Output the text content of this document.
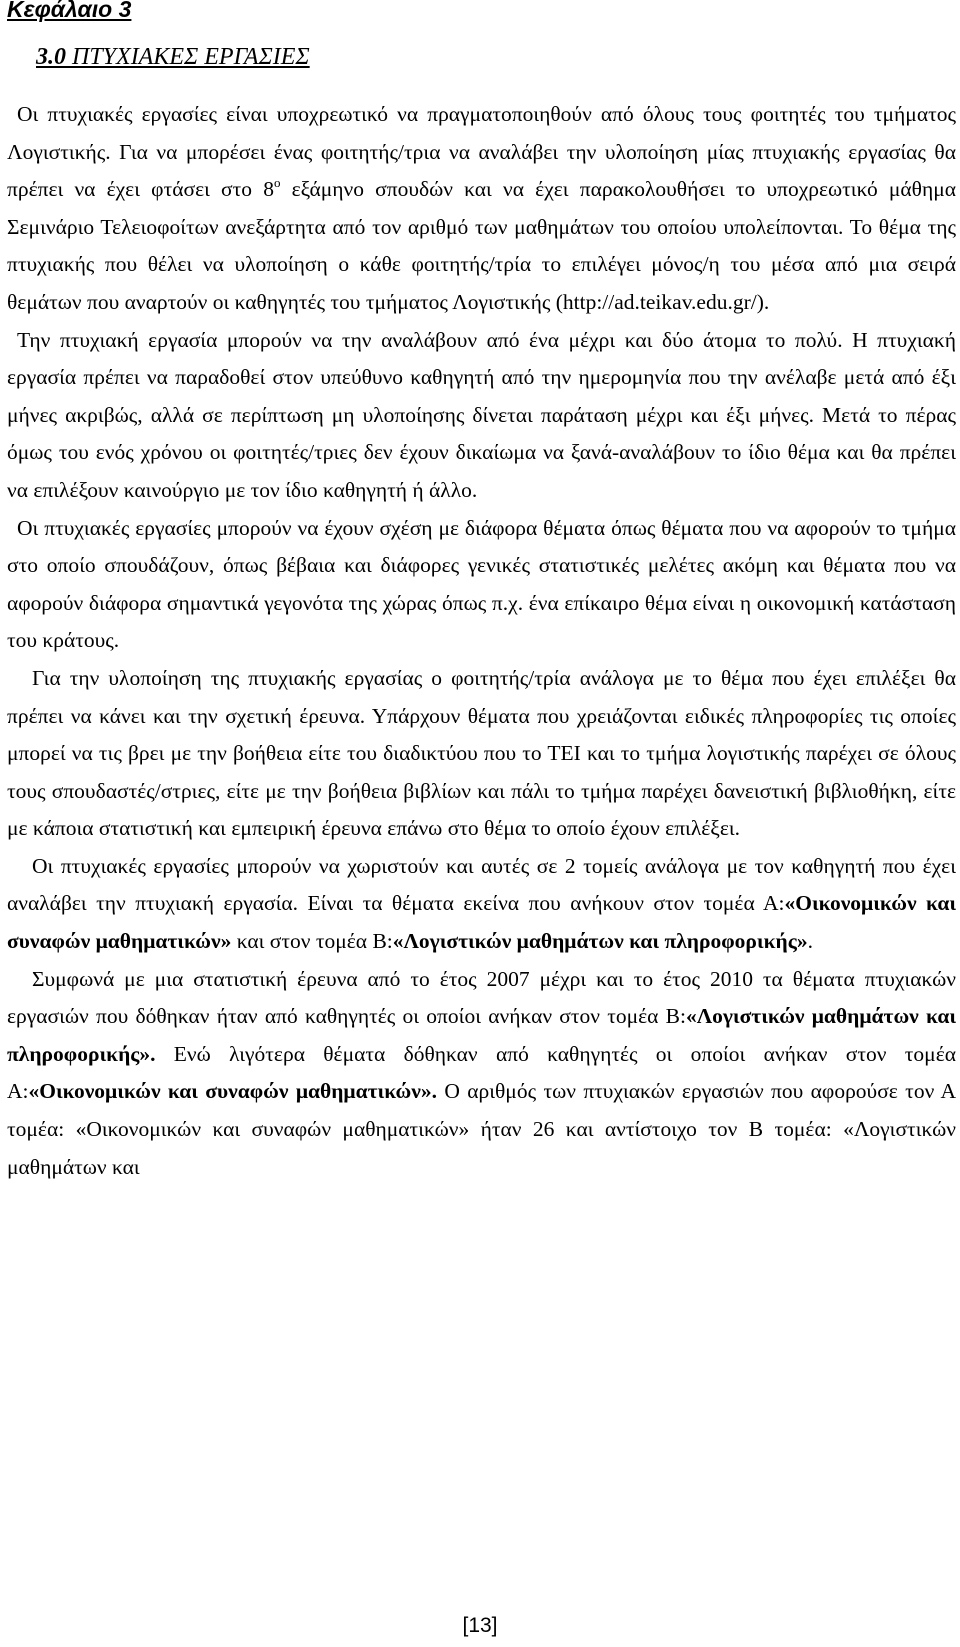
Κεφάλαιο 3

3.0 ΠΤΥΧΙΑΚΕΣ ΕΡΓΑΣΙΕΣ

Οι πτυχιακές εργασίες είναι υποχρεωτικό να πραγματοποιηθούν από όλους τους φοιτητές του τμήματος Λογιστικής. Για να μπορέσει ένας φοιτητής/τρια να αναλάβει την υλοποίηση μίας πτυχιακής εργασίας θα πρέπει να έχει φτάσει στο $8^o$ εξάμηνο σπουδών και να έχει παρακολουθήσει το υποχρεωτικό μάθημα Σεμινάριο Τελειοφοίτων ανεξάρτητα από τον αριθμό των μαθημάτων του οποίου υπολείπονται. Το θέμα της πτυχιακής που θέλει να υλοποίηση ο κάθε φοιτητής/τρία το επιλέγει μόνος/η του μέσα από μια σειρά θεμάτων που αναρτούν οι καθηγητές του τμήματος Λογιστικής (http://ad.teikav.edu.gr/).

Την πτυχιακή εργασία μπορούν να την αναλάβουν από ένα μέχρι και δύο άτομα το πολύ. Η πτυχιακή εργασία πρέπει να παραδοθεί στον υπεύθυνο καθηγητή από την ημερομηνία που την ανέλαβε μετά από έξι μήνες ακριβώς, αλλά σε περίπτωση μη υλοποίησης δίνεται παράταση μέχρι και έξι μήνες. Μετά το πέρας όμως του ενός χρόνου οι φοιτητές/τριες δεν έχουν δικαίωμα να ξανά-αναλάβουν το ίδιο θέμα και θα πρέπει να επιλέξουν καινούργιο με τον ίδιο καθηγητή ή άλλο.

Οι πτυχιακές εργασίες μπορούν να έχουν σχέση με διάφορα θέματα όπως θέματα που να αφορούν το τμήμα στο οποίο σπουδάζουν, όπως βέβαια και διάφορες γενικές στατιστικές μελέτες ακόμη και θέματα που να αφορούν διάφορα σημαντικά γεγονότα της χώρας όπως π.χ. ένα επίκαιρο θέμα είναι η οικονομική κατάσταση του κράτους.

Για την υλοποίηση της πτυχιακής εργασίας ο φοιτητής/τρία ανάλογα με το θέμα που έχει επιλέξει θα πρέπει να κάνει και την σχετική έρευνα. Υπάρχουν θέματα που χρειάζονται ειδικές πληροφορίες τις οποίες μπορεί να τις βρει με την βοήθεια είτε του διαδικτύου που το ΤΕΙ και το τμήμα λογιστικής παρέχει σε όλους τους σπουδαστές/στριες, είτε με την βοήθεια βιβλίων και πάλι το τμήμα παρέχει δανειστική βιβλιοθήκη, είτε με κάποια στατιστική και εμπειρική έρευνα επάνω στο θέμα το οποίο έχουν επιλέξει.

Οι πτυχιακές εργασίες μπορούν να χωριστούν και αυτές σε 2 τομείς ανάλογα με τον καθηγητή που έχει αναλάβει την πτυχιακή εργασία. Είναι τα θέματα εκείνα που ανήκουν στον τομέα Α:«Οικονομικών και συναφών μαθηματικών» και στον τομέα Β:«Λογιστικών μαθημάτων και πληροφορικής».

Συμφωνά με μια στατιστική έρευνα από το έτος 2007 μέχρι και το έτος 2010 τα θέματα πτυχιακών εργασιών που δόθηκαν ήταν από καθηγητές οι οποίοι ανήκαν στον τομέα Β:«Λογιστικών μαθημάτων και πληροφορικής». Ενώ λιγότερα θέματα δόθηκαν από καθηγητές οι οποίοι ανήκαν στον τομέα Α:«Οικονομικών και συναφών μαθηματικών». Ο αριθμός των πτυχιακών εργασιών που αφορούσε τον Α τομέα: «Οικονομικών και συναφών μαθηματικών» ήταν 26 και αντίστοιχο τον Β τομέα: «Λογιστικών μαθημάτων και

[13]
